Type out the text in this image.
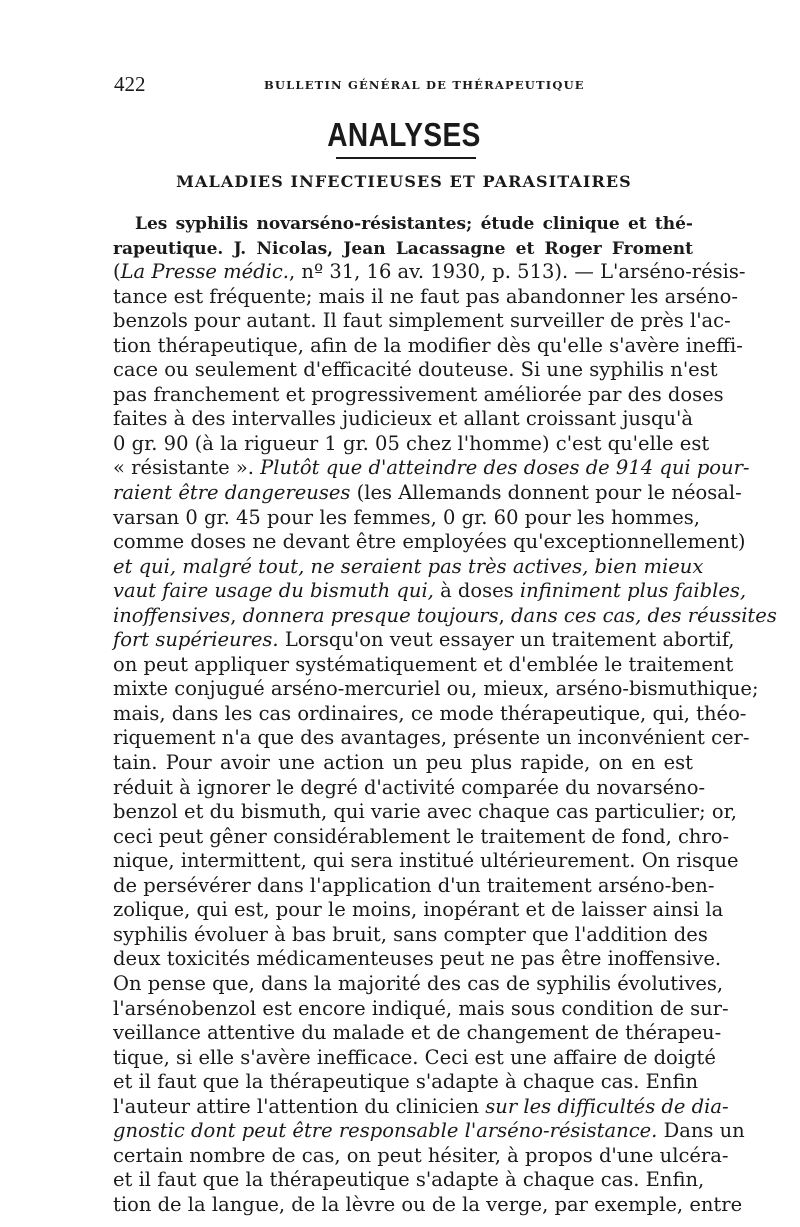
422	BULLETIN GÉNÉRAL DE THÉRAPEUTIQUE
ANALYSES
MALADIES INFECTIEUSES ET PARASITAIRES
Les syphilis novarséno-résistantes; étude clinique et thé-
rapeutique. J. Nicolas, Jean Lacassagne et Roger Froment
(La Presse médic., nº 31, 16 av. 1930, p. 513). — L'arséno-résis-
tance est fréquente; mais il ne faut pas abandonner les arséno-
benzols pour autant. Il faut simplement surveiller de près l'ac-
tion thérapeutique, afin de la modifier dès qu'elle s'avère ineffi-
cace ou seulement d'efficacité douteuse. Si une syphilis n'est
pas franchement et progressivement améliorée par des doses
faites à des intervalles judicieux et allant croissant jusqu'à
0 gr. 90 (à la rigueur 1 gr. 05 chez l'homme) c'est qu'elle est
« résistante ». Plutôt que d'atteindre des doses de 914 qui pour-
raient être dangereuses (les Allemands donnent pour le néosal-
varsan 0 gr. 45 pour les femmes, 0 gr. 60 pour les hommes,
comme doses ne devant être employées qu'exceptionnellement)
et qui, malgré tout, ne seraient pas très actives, bien mieux
vaut faire usage du bismuth qui, à doses infiniment plus faibles,
inoffensives, donnera presque toujours, dans ces cas, des réussites
fort supérieures. Lorsqu'on veut essayer un traitement abortif,
on peut appliquer systématiquement et d'emblée le traitement
mixte conjugué arséno-mercuriel ou, mieux, arséno-bismuthique;
mais, dans les cas ordinaires, ce mode thérapeutique, qui, théo-
riquement n'a que des avantages, présente un inconvénient cer-
tain. Pour avoir une action un peu plus rapide, on en est
réduit à ignorer le degré d'activité comparée du novarséno-
benzol et du bismuth, qui varie avec chaque cas particulier; or,
ceci peut gêner considérablement le traitement de fond, chro-
nique, intermittent, qui sera institué ultérieurement. On risque
de persévérer dans l'application d'un traitement arséno-ben-
zolique, qui est, pour le moins, inopérant et de laisser ainsi la
syphilis évoluer à bas bruit, sans compter que l'addition des
deux toxicités médicamenteuses peut ne pas être inoffensive.
On pense que, dans la majorité des cas de syphilis évolutives,
l'arsénobenzol est encore indiqué, mais sous condition de sur-
veillance attentive du malade et de changement de thérapeu-
tique, si elle s'avère inefficace. Ceci est une affaire de doigté
et il faut que la thérapeutique s'adapte à chaque cas. Enfin
l'auteur attire l'attention du clinicien sur les difficultés de dia-
gnostic dont peut être responsable l'arséno-résistance. Dans un
certain nombre de cas, on peut hésiter, à propos d'une ulcéra-
et il faut que la thérapeutique s'adapte à chaque cas. Enfin,
tion de la langue, de la lèvre ou de la verge, par exemple, entre
